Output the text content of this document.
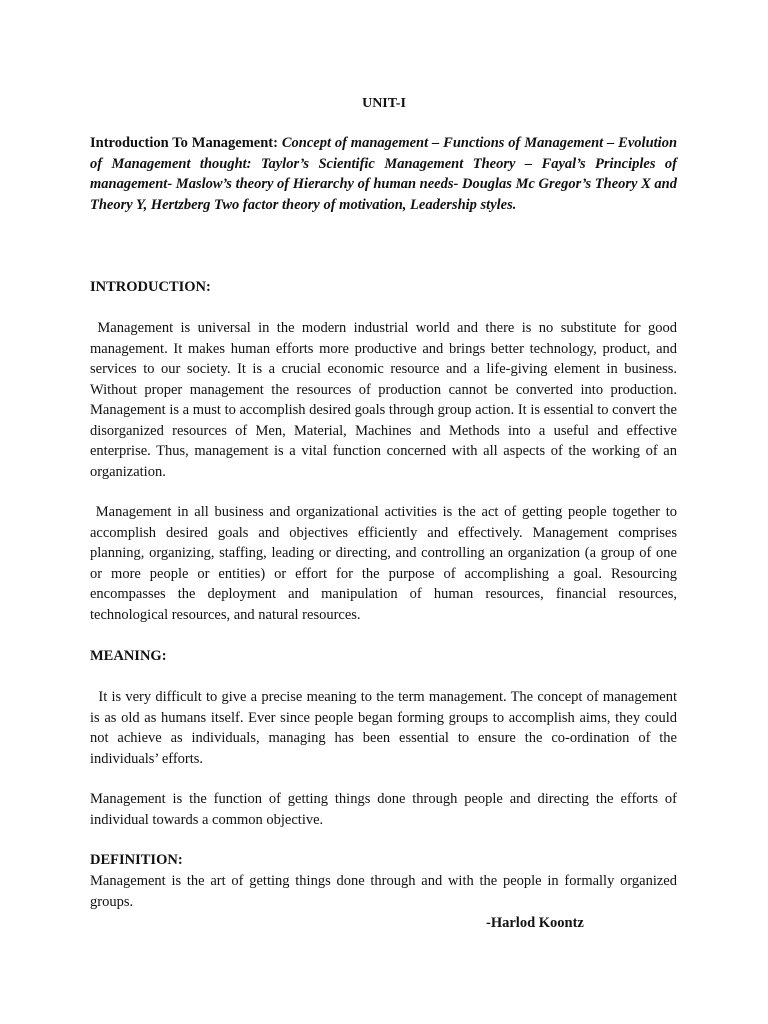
UNIT-I

Introduction To Management: Concept of management – Functions of Management – Evolution of Management thought: Taylor’s Scientific Management Theory – Fayal’s Principles of management- Maslow’s theory of Hierarchy of human needs- Douglas Mc Gregor’s Theory X and Theory Y, Hertzberg Two factor theory of motivation, Leadership styles.

INTRODUCTION:

Management is universal in the modern industrial world and there is no substitute for good management. It makes human efforts more productive and brings better technology, product, and services to our society. It is a crucial economic resource and a life-giving element in business. Without proper management the resources of production cannot be converted into production. Management is a must to accomplish desired goals through group action. It is essential to convert the disorganized resources of Men, Material, Machines and Methods into a useful and effective enterprise. Thus, management is a vital function concerned with all aspects of the working of an organization.

Management in all business and organizational activities is the act of getting people together to accomplish desired goals and objectives efficiently and effectively. Management comprises planning, organizing, staffing, leading or directing, and controlling an organization (a group of one or more people or entities) or effort for the purpose of accomplishing a goal. Resourcing encompasses the deployment and manipulation of human resources, financial resources, technological resources, and natural resources.

MEANING:

It is very difficult to give a precise meaning to the term management. The concept of management is as old as humans itself. Ever since people began forming groups to accomplish aims, they could not achieve as individuals, managing has been essential to ensure the co-ordination of the individuals’ efforts.

Management is the function of getting things done through people and directing the efforts of individual towards a common objective.

DEFINITION:

Management is the art of getting things done through and with the people in formally organized groups.

-Harlod Koontz
